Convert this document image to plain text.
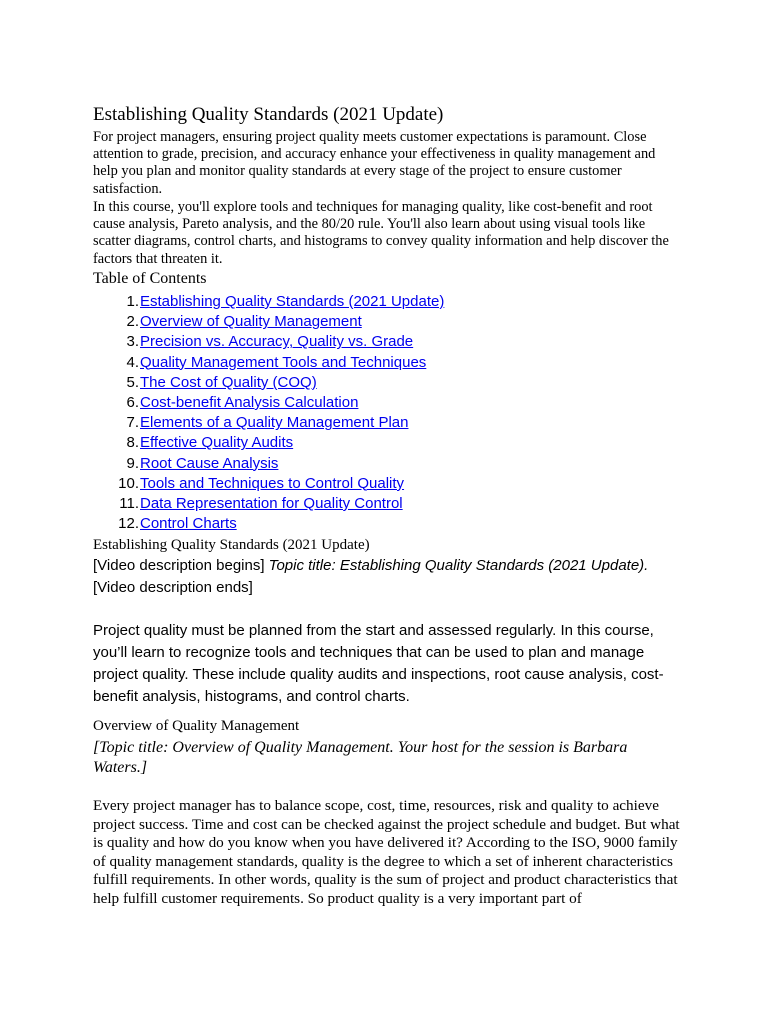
Establishing Quality Standards (2021 Update)
For project managers, ensuring project quality meets customer expectations is paramount. Close attention to grade, precision, and accuracy enhance your effectiveness in quality management and help you plan and monitor quality standards at every stage of the project to ensure customer satisfaction.
In this course, you'll explore tools and techniques for managing quality, like cost-benefit and root cause analysis, Pareto analysis, and the 80/20 rule. You'll also learn about using visual tools like scatter diagrams, control charts, and histograms to convey quality information and help discover the factors that threaten it.
Table of Contents
1.Establishing Quality Standards (2021 Update)
2.Overview of Quality Management
3.Precision vs. Accuracy, Quality vs. Grade
4.Quality Management Tools and Techniques
5.The Cost of Quality (COQ)
6.Cost-benefit Analysis Calculation
7.Elements of a Quality Management Plan
8.Effective Quality Audits
9.Root Cause Analysis
10.Tools and Techniques to Control Quality
11.Data Representation for Quality Control
12.Control Charts
Establishing Quality Standards (2021 Update)
[Video description begins] Topic title: Establishing Quality Standards (2021 Update). [Video description ends]
Project quality must be planned from the start and assessed regularly. In this course, you’ll learn to recognize tools and techniques that can be used to plan and manage project quality. These include quality audits and inspections, root cause analysis, cost-benefit analysis, histograms, and control charts.
Overview of Quality Management
[Topic title: Overview of Quality Management. Your host for the session is Barbara Waters.]
Every project manager has to balance scope, cost, time, resources, risk and quality to achieve project success. Time and cost can be checked against the project schedule and budget. But what is quality and how do you know when you have delivered it? According to the ISO, 9000 family of quality management standards, quality is the degree to which a set of inherent characteristics fulfill requirements. In other words, quality is the sum of project and product characteristics that help fulfill customer requirements. So product quality is a very important part of
